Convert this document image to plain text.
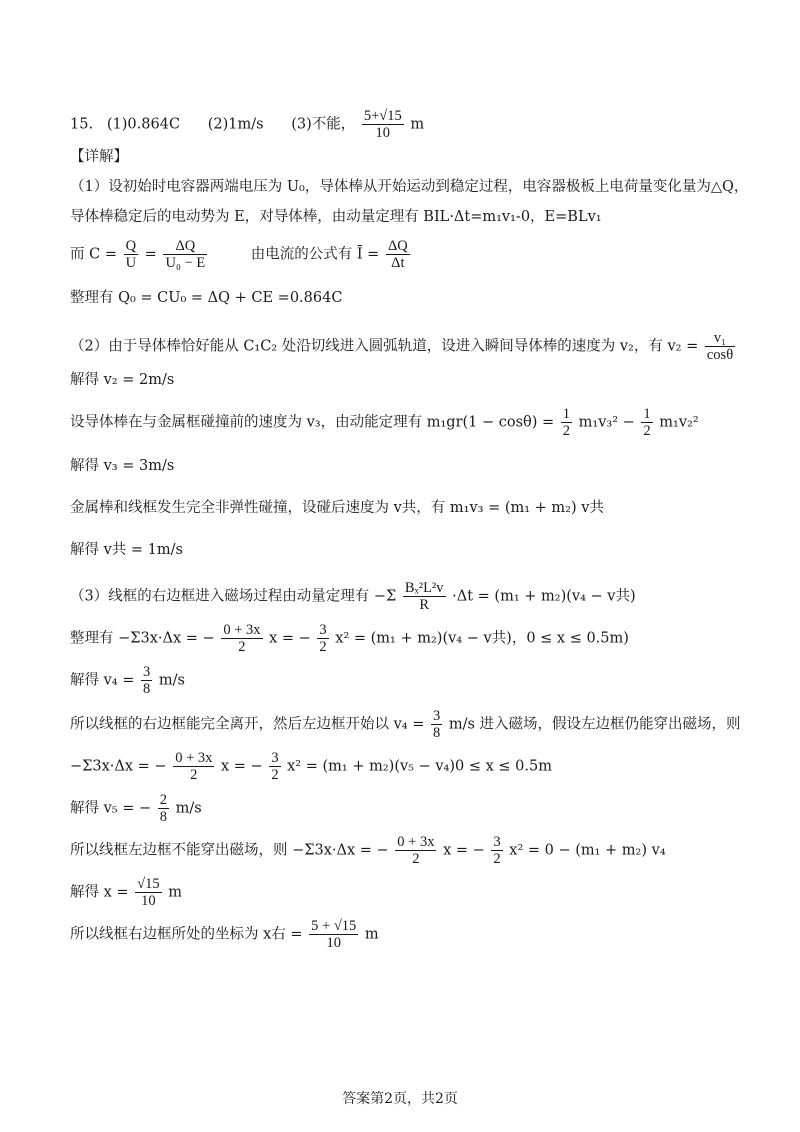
15. (1)0.864C (2)1m/s (3)不能， $\frac{5+√15}{10}$ m
【详解】
（1）设初始时电容器两端电压为 U₀，导体棒从开始运动到稳定过程，电容器极板上电荷量变化量为△Q，
导体棒稳定后的电动势为 E，对导体棒，由动量定理有 BIL·Δt=m₁v₁-0，E=BLv₁
而 $C = \frac{Q}{U} = \frac{\Delta Q}{\text{U₀ − E}}$	由电流的公式有 Ī = $\frac{\Delta Q}{\Delta t}$
整理有 Q₀ = CU₀ = ΔQ + CE =0.864C
（2）由于导体棒恰好能从 C₁C₂ 处沿切线进入圆弧轨道，设进入瞬间导体棒的速度为 v₂，有 $v_2 = \frac{\text{v₁}}{\cos\theta}$
解得 v₂ = 2m/s
设导体棒在与金属框碰撞前的速度为 v₃，由动能定理有 $m_1gr(1 - \cos\theta) = \frac{1}{2} m_1v_3^2 - \frac{1}{2} m_1v_2^2$
解得 v₃ = 3m/s
金属棒和线框发生完全非弹性碰撞，设碰后速度为 v共，有 m₁v₃ = (m₁ + m₂) v共
解得 v共 = 1m/s
（3）线框的右边框进入磁场过程由动量定理有 $-\Sigma \frac{\text{Bₓ²L²v}}{R} \cdot\Delta t = (m_1 + m_2)(v_4 - v$共)
整理有 −Σ3x·Δx = − $\frac{0 + 3x}{2}$ x = − $\frac{3}{2} x^2 = (m_1 + m_2)(v_4 - v$共)，0 ≤ x ≤ 0.5m)
解得 $v_4 = \frac{3}{8} m/s$
所以线框的右边框能完全离开，然后左边框开始以 $v_4 = \frac{3}{8} m/s$ 进入磁场，假设左边框仍能穿出磁场，则
−Σ3x·Δx = − $\frac{0 + 3x}{2}$ x = − $\frac{3}{2} x^2 = (m_1 + m_2)(v_5 - v_4)0 \le x \le 0.5m$
解得 v₅ = − $\frac{2}{8} m/s$
所以线框左边框不能穿出磁场，则 −Σ3x·Δx = − $\frac{0 + 3x}{2}$ x = − $\frac{3}{2} x^2 = 0 - (m_1 + m_2)$ v₄
解得 $x = \frac{√15}{10}$ m
所以线框右边框所处的坐标为 x右 = $\frac{5 + √15}{10}$ m
答案第2页，共2页
